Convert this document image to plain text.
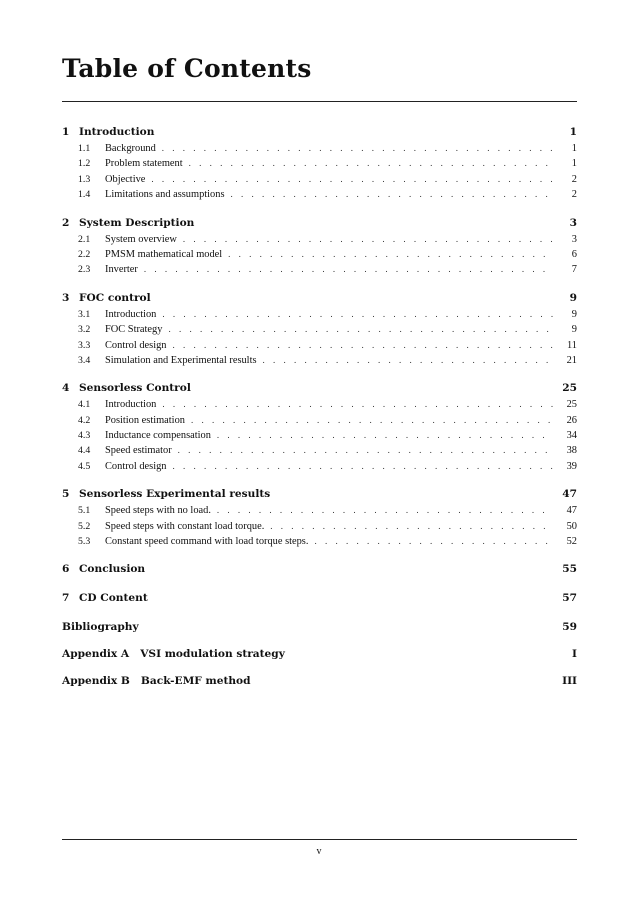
Table of Contents
1 Introduction	1
1.1	Background . . .	1
1.2	Problem statement . . .	1
1.3	Objective . . .	2
1.4	Limitations and assumptions . . .	2
2 System Description	3
2.1	System overview . . .	3
2.2	PMSM mathematical model . . .	6
2.3	Inverter . . .	7
3 FOC control	9
3.1	Introduction . . .	9
3.2	FOC Strategy . . .	9
3.3	Control design . . .	11
3.4	Simulation and Experimental results . . .	21
4 Sensorless Control	25
4.1	Introduction . . .	25
4.2	Position estimation . . .	26
4.3	Inductance compensation . . .	34
4.4	Speed estimator . . .	38
4.5	Control design . . .	39
5 Sensorless Experimental results	47
5.1	Speed steps with no load. . . .	47
5.2	Speed steps with constant load torque. . . .	50
5.3	Constant speed command with load torque steps. . . .	52
6 Conclusion	55
7 CD Content	57
Bibliography	59
Appendix A   VSI modulation strategy	I
Appendix B   Back-EMF method	III
v
